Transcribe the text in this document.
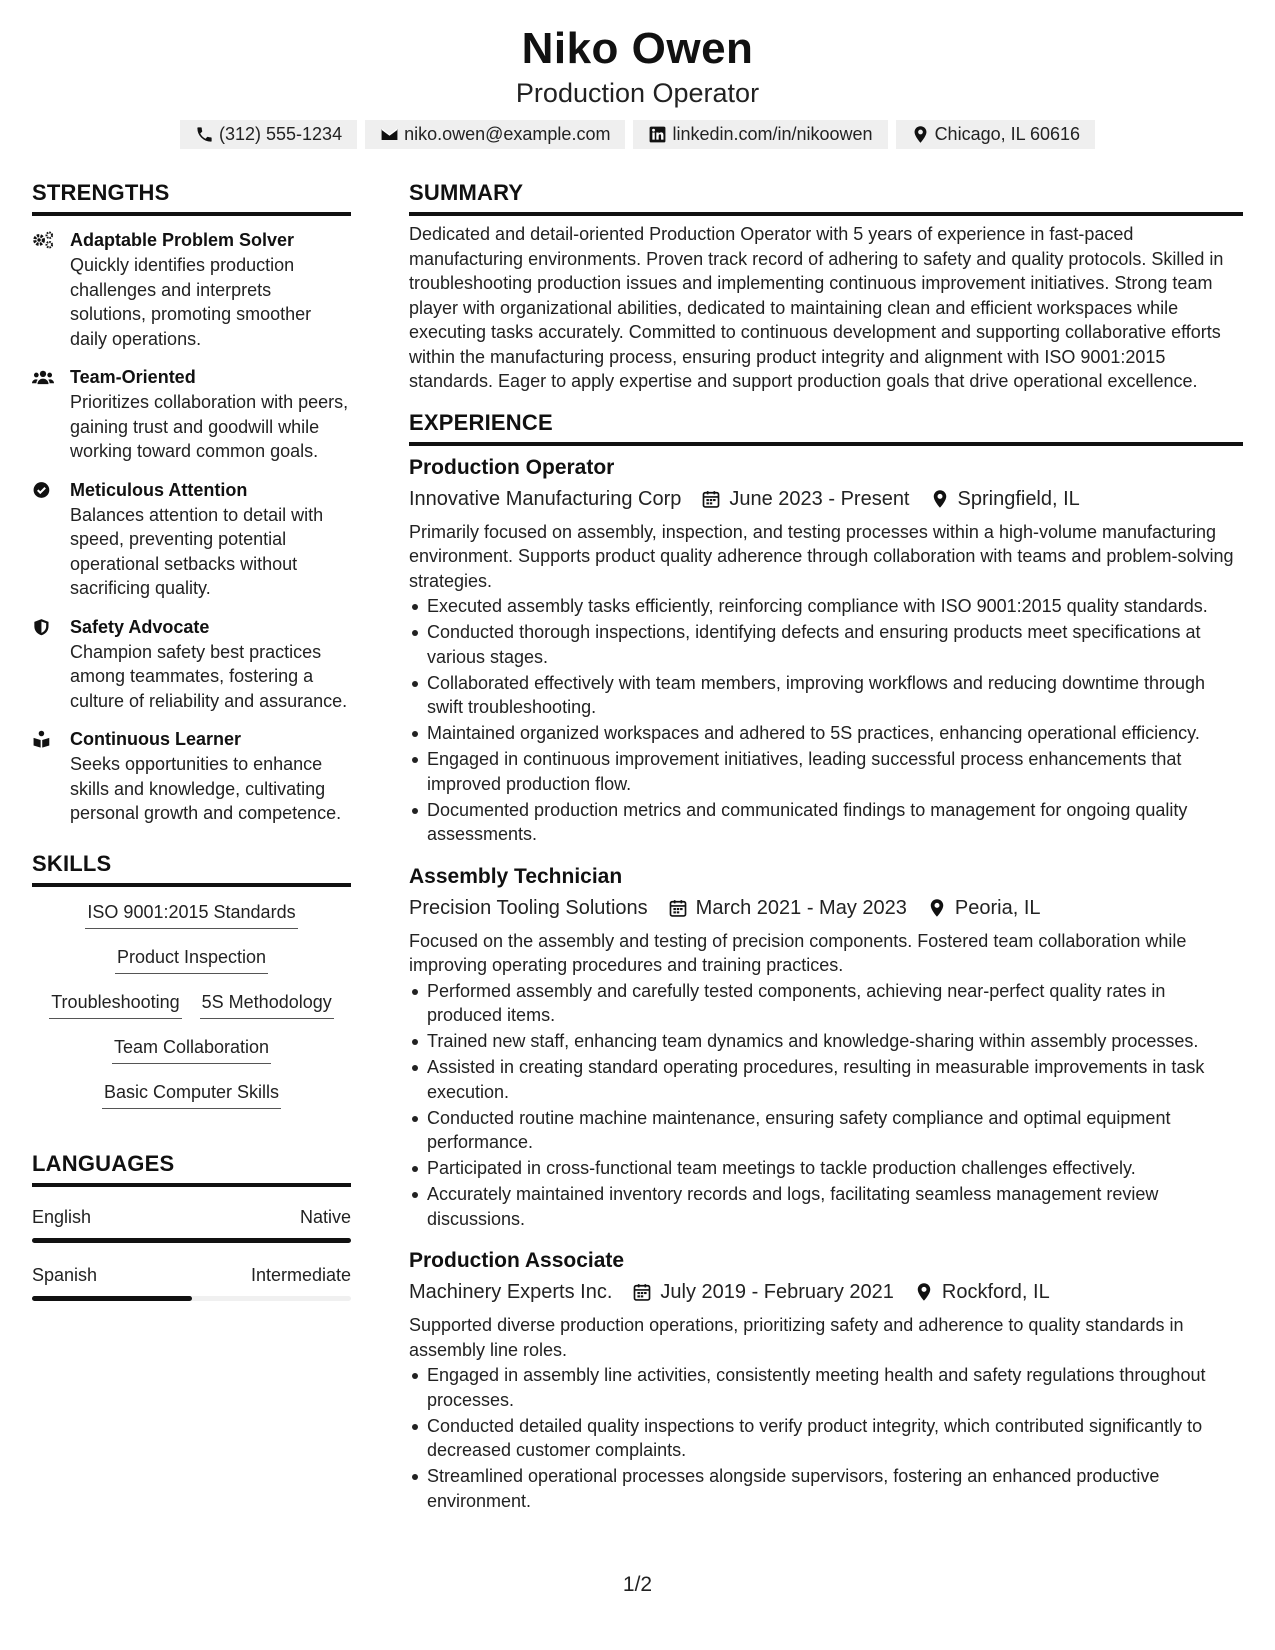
Niko Owen
Production Operator
(312) 555-1234	niko.owen@example.com	linkedin.com/in/nikoowen	Chicago, IL 60616
STRENGTHS
Adaptable Problem Solver
Quickly identifies production challenges and interprets solutions, promoting smoother daily operations.
Team-Oriented
Prioritizes collaboration with peers, gaining trust and goodwill while working toward common goals.
Meticulous Attention
Balances attention to detail with speed, preventing potential operational setbacks without sacrificing quality.
Safety Advocate
Champion safety best practices among teammates, fostering a culture of reliability and assurance.
Continuous Learner
Seeks opportunities to enhance skills and knowledge, cultivating personal growth and competence.
SKILLS
ISO 9001:2015 Standards
Product Inspection
Troubleshooting 5S Methodology
Team Collaboration
Basic Computer Skills
LANGUAGES
English	Native
Spanish	Intermediate
SUMMARY
Dedicated and detail-oriented Production Operator with 5 years of experience in fast-paced manufacturing environments. Proven track record of adhering to safety and quality protocols. Skilled in troubleshooting production issues and implementing continuous improvement initiatives. Strong team player with organizational abilities, dedicated to maintaining clean and efficient workspaces while executing tasks accurately. Committed to continuous development and supporting collaborative efforts within the manufacturing process, ensuring product integrity and alignment with ISO 9001:2015 standards. Eager to apply expertise and support production goals that drive operational excellence.
EXPERIENCE
Production Operator
Innovative Manufacturing Corp June 2023 - Present Springfield, IL
Primarily focused on assembly, inspection, and testing processes within a high-volume manufacturing environment. Supports product quality adherence through collaboration with teams and problem-solving strategies.
Executed assembly tasks efficiently, reinforcing compliance with ISO 9001:2015 quality standards.
Conducted thorough inspections, identifying defects and ensuring products meet specifications at various stages.
Collaborated effectively with team members, improving workflows and reducing downtime through swift troubleshooting.
Maintained organized workspaces and adhered to 5S practices, enhancing operational efficiency.
Engaged in continuous improvement initiatives, leading successful process enhancements that improved production flow.
Documented production metrics and communicated findings to management for ongoing quality assessments.
Assembly Technician
Precision Tooling Solutions March 2021 - May 2023 Peoria, IL
Focused on the assembly and testing of precision components. Fostered team collaboration while improving operating procedures and training practices.
Performed assembly and carefully tested components, achieving near-perfect quality rates in produced items.
Trained new staff, enhancing team dynamics and knowledge-sharing within assembly processes.
Assisted in creating standard operating procedures, resulting in measurable improvements in task execution.
Conducted routine machine maintenance, ensuring safety compliance and optimal equipment performance.
Participated in cross-functional team meetings to tackle production challenges effectively.
Accurately maintained inventory records and logs, facilitating seamless management review discussions.
Production Associate
Machinery Experts Inc. July 2019 - February 2021 Rockford, IL
Supported diverse production operations, prioritizing safety and adherence to quality standards in assembly line roles.
Engaged in assembly line activities, consistently meeting health and safety regulations throughout processes.
Conducted detailed quality inspections to verify product integrity, which contributed significantly to decreased customer complaints.
Streamlined operational processes alongside supervisors, fostering an enhanced productive environment.
1/2
